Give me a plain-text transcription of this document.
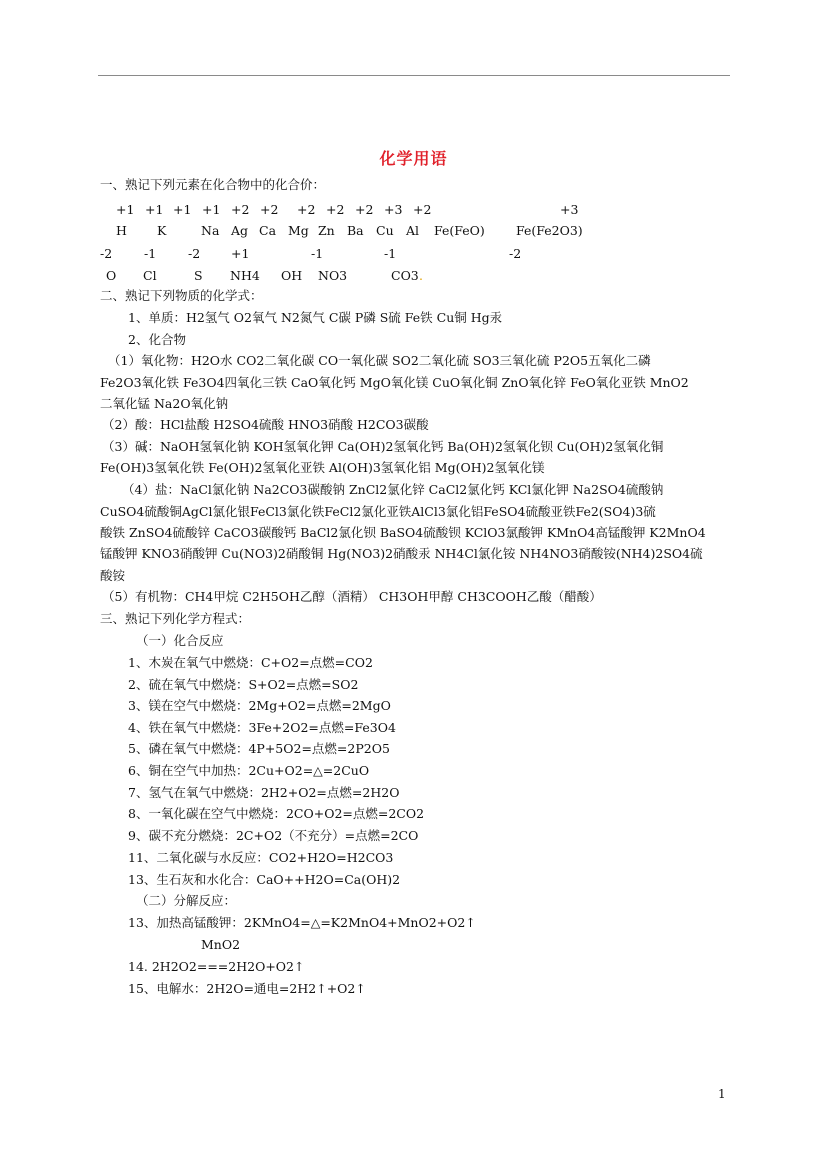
化学用语
一、熟记下列元素在化合物中的化合价：
+1 +1 +1 +1 +2 +2 +2 +2 +2 +3 +2	+3
H K	Na Ag Ca Mg Zn Ba Cu Al Fe(FeO) Fe(Fe2O3)
-2	-1	-2 +1	-1	-1	-2
O Cl	S NH4 OH NO3	CO3 .
二、熟记下列物质的化学式：
1、单质：H2氢气 O2氧气 N2氮气 C碳 P磷 S硫 Fe铁 Cu铜 Hg汞
2、化合物
（1）氧化物：H2O水 CO2二氧化碳 CO一氧化碳 SO2二氧化硫 SO3三氧化硫 P2O5五氧化二磷
Fe2O3氧化铁 Fe3O4四氧化三铁 CaO氧化钙 MgO氧化镁 CuO氧化铜 ZnO氧化锌 FeO氧化亚铁 MnO2
二氧化锰 Na2O氧化钠
（2）酸：HCl盐酸 H2SO4硫酸 HNO3硝酸 H2CO3碳酸
（3）碱：NaOH氢氧化钠 KOH氢氧化钾 Ca(OH)2氢氧化钙 Ba(OH)2氢氧化钡 Cu(OH)2氢氧化铜
Fe(OH)3氢氧化铁 Fe(OH)2氢氧化亚铁 Al(OH)3氢氧化铝 Mg(OH)2氢氧化镁
（4）盐：NaCl氯化钠 Na2CO3碳酸钠 ZnCl2氯化锌 CaCl2氯化钙 KCl氯化钾 Na2SO4硫酸钠
CuSO4硫酸铜AgCl氯化银FeCl3氯化铁FeCl2氯化亚铁AlCl3氯化铝FeSO4硫酸亚铁Fe2(SO4)3硫
酸铁 ZnSO4硫酸锌 CaCO3碳酸钙 BaCl2氯化钡 BaSO4硫酸钡 KClO3氯酸钾 KMnO4高锰酸钾 K2MnO4
锰酸钾 KNO3硝酸钾 Cu(NO3)2硝酸铜 Hg(NO3)2硝酸汞 NH4Cl氯化铵 NH4NO3硝酸铵(NH4)2SO4硫
酸铵
（5）有机物：CH4甲烷 C2H5OH乙醇（酒精） CH3OH甲醇 CH3COOH乙酸（醋酸）
三、熟记下列化学方程式：
（一）化合反应
1、木炭在氧气中燃烧：C+O2=点燃=CO2
2、硫在氧气中燃烧：S+O2=点燃=SO2
3、镁在空气中燃烧：2Mg+O2=点燃=2MgO
4、铁在氧气中燃烧：3Fe+2O2=点燃=Fe3O4
5、磷在氧气中燃烧：4P+5O2=点燃=2P2O5
6、铜在空气中加热：2Cu+O2=△=2CuO
7、氢气在氧气中燃烧：2H2+O2=点燃=2H2O
8、一氧化碳在空气中燃烧：2CO+O2=点燃=2CO2
9、碳不充分燃烧：2C+O2（不充分）=点燃=2CO
11、二氧化碳与水反应：CO2+H2O=H2CO3
13、生石灰和水化合：CaO++H2O=Ca(OH)2
（二）分解反应：
13、加热高锰酸钾：2KMnO4=△=K2MnO4+MnO2+O2↑
MnO2
14. 2H2O2===2H2O+O2↑
15、电解水：2H2O=通电=2H2↑+O2↑
1
